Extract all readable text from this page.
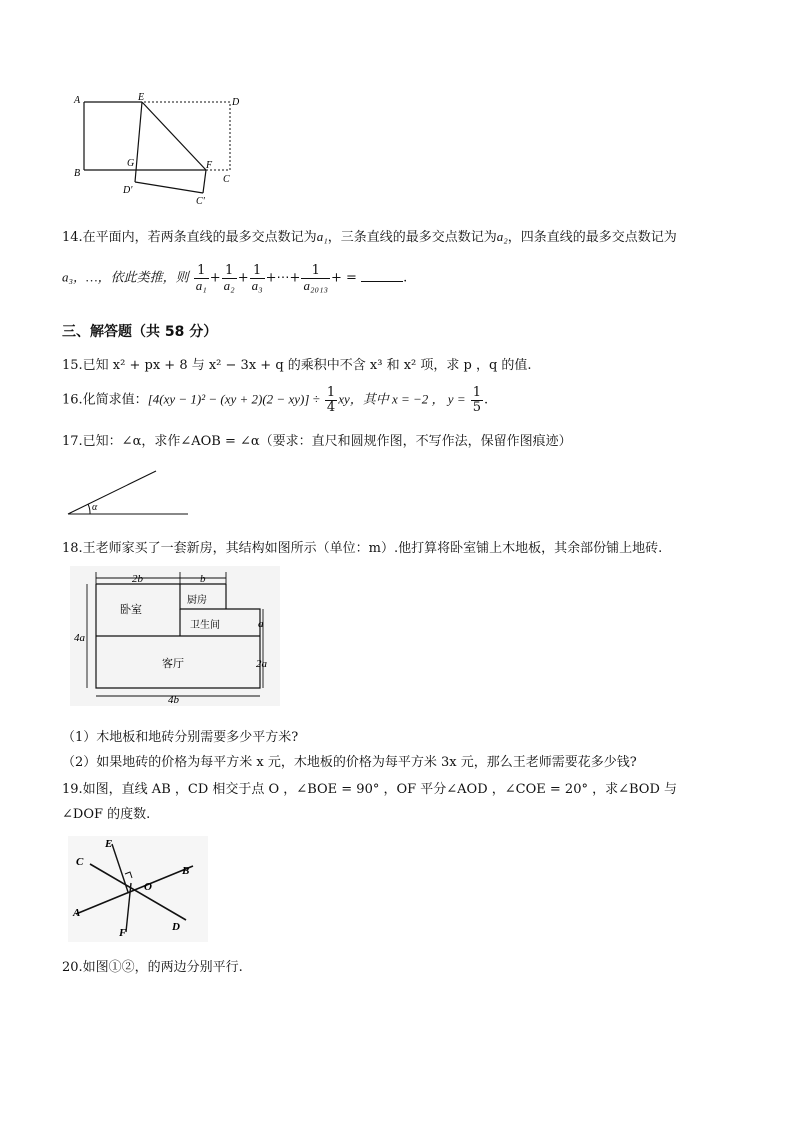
A	E	D
B
G	F
C
D'
C'
14.在平面内，若两条直线的最多交点数记为a₁，三条直线的最多交点数记为a₂，四条直线的最多交点数记为
a₃，…，依此类推，则 $\frac{1}{\text{a₁}} + \frac{1}{\text{a₂}} + \frac{1}{\text{a₃}}$ +⋯+ $\frac{1}{\text{a₂₀₁₃}}$ + =	.
三、解答题（共 58 分）
15.已知 x² + px + 8 与 x² − 3x + q 的乘积中不含 x³ 和 x² 项，求 p ，q 的值.
16.化简求值：$[4(xy - 1)^2 - (xy + 2)(2 - xy)] \div \frac{1}{4}$ xy，其中 x = −2 ， $y = \frac{1}{5}$ .
17.已知：∠α，求作∠AOB = ∠α（要求：直尺和圆规作图，不写作法，保留作图痕迹）
α
18.王老师家买了一套新房，其结构如图所示（单位：m）.他打算将卧室铺上木地板，其余部份铺上地砖.
2b	b
卧室
厨房
卫生间
客厅
4a
a
2a
4b
（1）木地板和地砖分别需要多少平方米?
（2）如果地砖的价格为每平方米 x 元，木地板的价格为每平方米 3x 元，那么王老师需要花多少钱?
19.如图，直线 AB ，CD 相交于点 O ，∠BOE = 90° ，OF 平分∠AOD ，∠COE = 20° ，求∠BOD 与
∠DOF 的度数.
E
C
O
B
A
F	D
20.如图①②，的两边分别平行.
